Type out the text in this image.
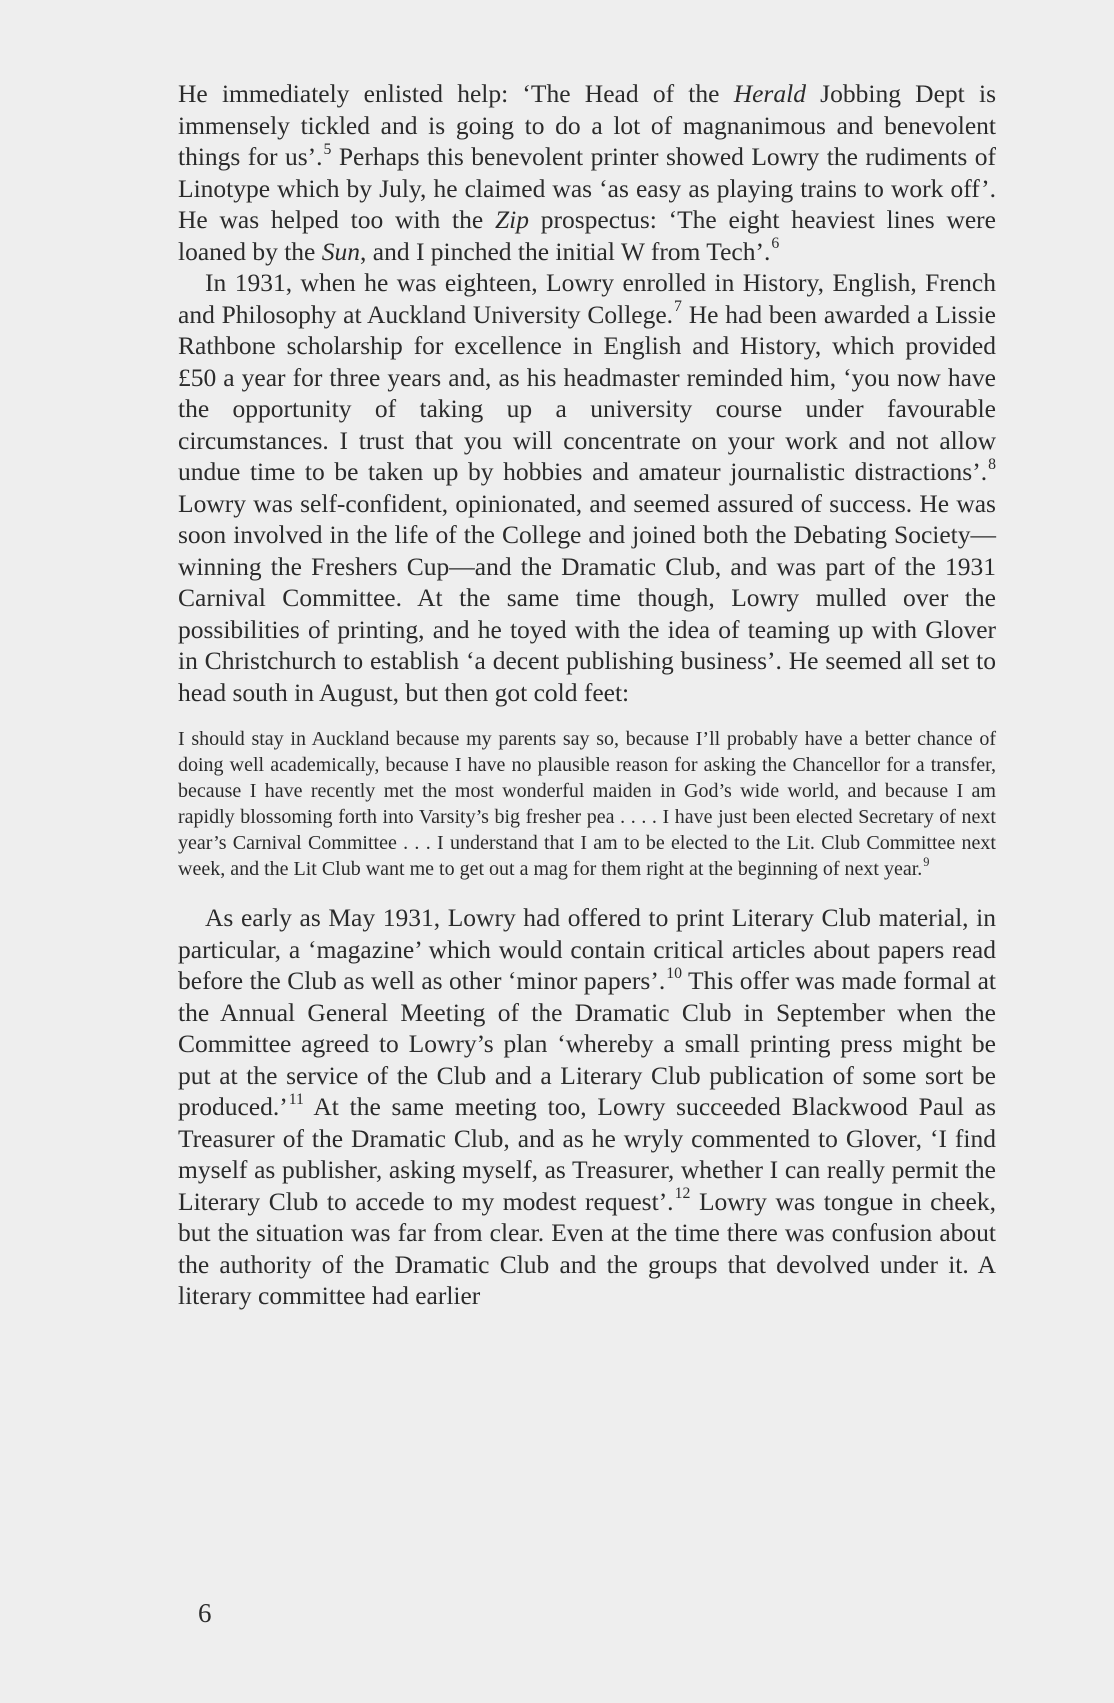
He immediately enlisted help: ‘The Head of the Herald Jobbing Dept is immensely tickled and is going to do a lot of magnanimous and benevolent things for us’.$^5$ Perhaps this benevolent printer showed Lowry the rudiments of Linotype which by July, he claimed was ‘as easy as playing trains to work off’. He was helped too with the Zip prospectus: ‘The eight heaviest lines were loaned by the Sun, and I pinched the initial W from Tech’.$^6$

In 1931, when he was eighteen, Lowry enrolled in History, English, French and Philosophy at Auckland University College.$^7$ He had been awarded a Lissie Rathbone scholarship for excellence in English and History, which provided £50 a year for three years and, as his headmaster reminded him, ‘you now have the opportunity of taking up a university course under favourable circumstances. I trust that you will concentrate on your work and not allow undue time to be taken up by hobbies and amateur journalistic distractions’.$^8$ Lowry was self-confident, opinionated, and seemed assured of success. He was soon involved in the life of the College and joined both the Debating Society—winning the Freshers Cup—and the Dramatic Club, and was part of the 1931 Carnival Committee. At the same time though, Lowry mulled over the possibilities of printing, and he toyed with the idea of teaming up with Glover in Christchurch to establish ‘a decent publishing business’. He seemed all set to head south in August, but then got cold feet:

I should stay in Auckland because my parents say so, because I’ll probably have a better chance of doing well academically, because I have no plausible reason for asking the Chancellor for a transfer, because I have recently met the most wonderful maiden in God’s wide world, and because I am rapidly blossoming forth into Varsity’s big fresher pea . . . . I have just been elected Secretary of next year’s Carnival Committee . . . I understand that I am to be elected to the Lit. Club Committee next week, and the Lit Club want me to get out a mag for them right at the beginning of next year.$^9$

As early as May 1931, Lowry had offered to print Literary Club material, in particular, a ‘magazine’ which would contain critical articles about papers read before the Club as well as other ‘minor papers’.$^{10}$ This offer was made formal at the Annual General Meeting of the Dramatic Club in September when the Committee agreed to Lowry’s plan ‘whereby a small printing press might be put at the service of the Club and a Literary Club publication of some sort be produced.’$^{11}$ At the same meeting too, Lowry succeeded Blackwood Paul as Treasurer of the Dramatic Club, and as he wryly commented to Glover, ‘I find myself as publisher, asking myself, as Treasurer, whether I can really permit the Literary Club to accede to my modest request’.$^{12}$ Lowry was tongue in cheek, but the situation was far from clear. Even at the time there was confusion about the authority of the Dramatic Club and the groups that devolved under it. A literary committee had earlier

6
